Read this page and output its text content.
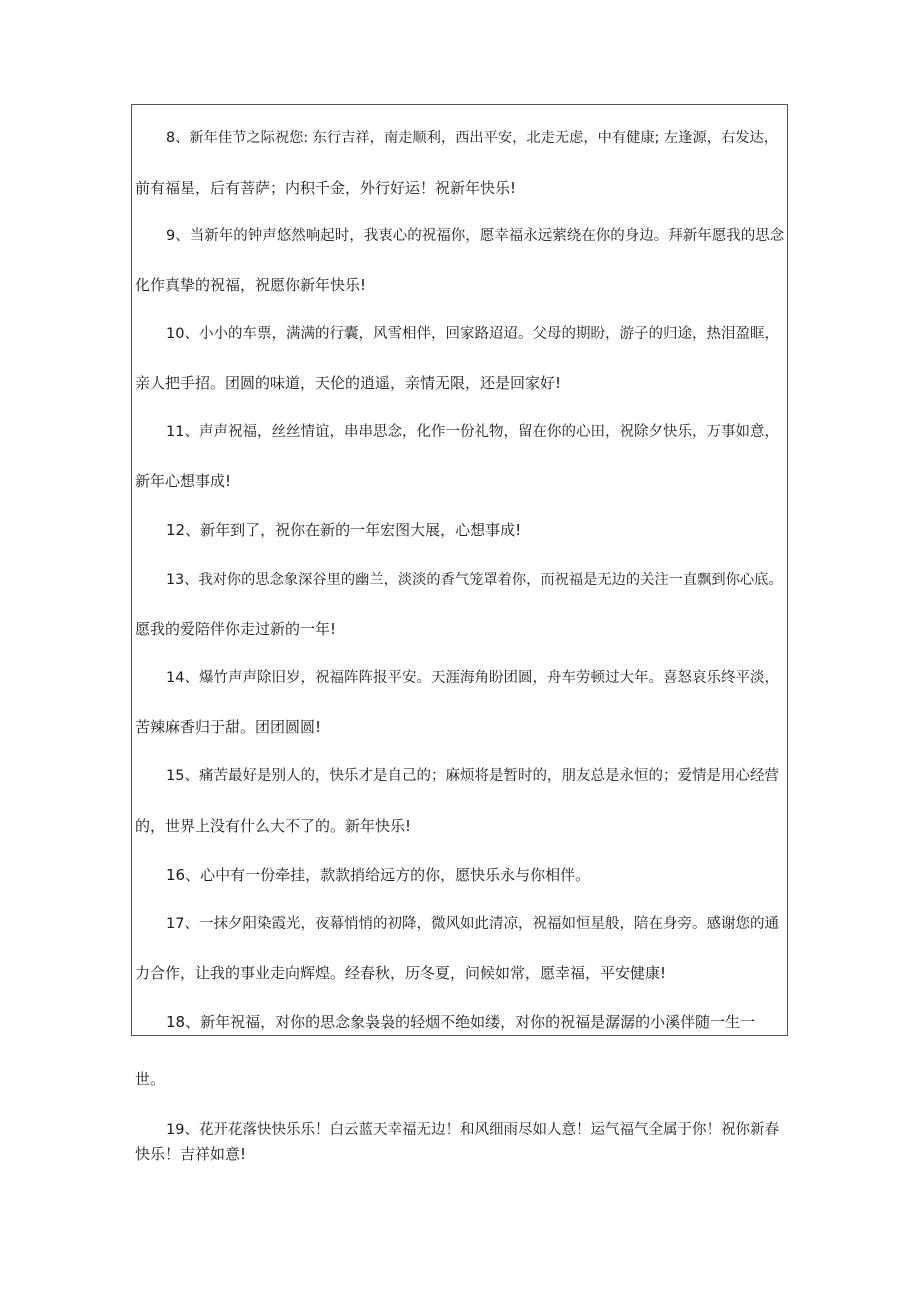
8、新年佳节之际祝您: 东行吉祥，南走顺利，西出平安，北走无虑，中有健康; 左逢源，右发达，
前有福星，后有菩萨；内积千金，外行好运！祝新年快乐!
9、当新年的钟声悠然响起时，我衷心的祝福你，愿幸福永远萦绕在你的身边。拜新年愿我的思念
化作真挚的祝福，祝愿你新年快乐!
10、小小的车票，满满的行囊，风雪相伴，回家路迢迢。父母的期盼，游子的归途，热泪盈眶，
亲人把手招。团圆的味道，天伦的逍遥，亲情无限，还是回家好!
11、声声祝福，丝丝情谊，串串思念，化作一份礼物，留在你的心田，祝除夕快乐，万事如意，
新年心想事成!
12、新年到了，祝你在新的一年宏图大展，心想事成!
13、我对你的思念象深谷里的幽兰，淡淡的香气笼罩着你，而祝福是无边的关注一直飘到你心底。
愿我的爱陪伴你走过新的一年!
14、爆竹声声除旧岁，祝福阵阵报平安。天涯海角盼团圆，舟车劳顿过大年。喜怒哀乐终平淡，
苦辣麻香归于甜。团团圆圆!
15、痛苦最好是别人的，快乐才是自己的；麻烦将是暂时的，朋友总是永恒的；爱情是用心经营
的，世界上没有什么大不了的。新年快乐!
16、心中有一份牵挂，款款捎给远方的你，愿快乐永与你相伴。
17、一抹夕阳染霞光，夜幕悄悄的初降，微风如此清凉，祝福如恒星般，陪在身旁。感谢您的通
力合作，让我的事业走向辉煌。经春秋，历冬夏，问候如常，愿幸福，平安健康!
18、新年祝福，对你的思念象袅袅的轻烟不绝如缕，对你的祝福是潺潺的小溪伴随一生一
世。
19、花开花落快快乐乐！白云蓝天幸福无边！和风细雨尽如人意！运气福气全属于你！祝你新春
快乐！吉祥如意!
